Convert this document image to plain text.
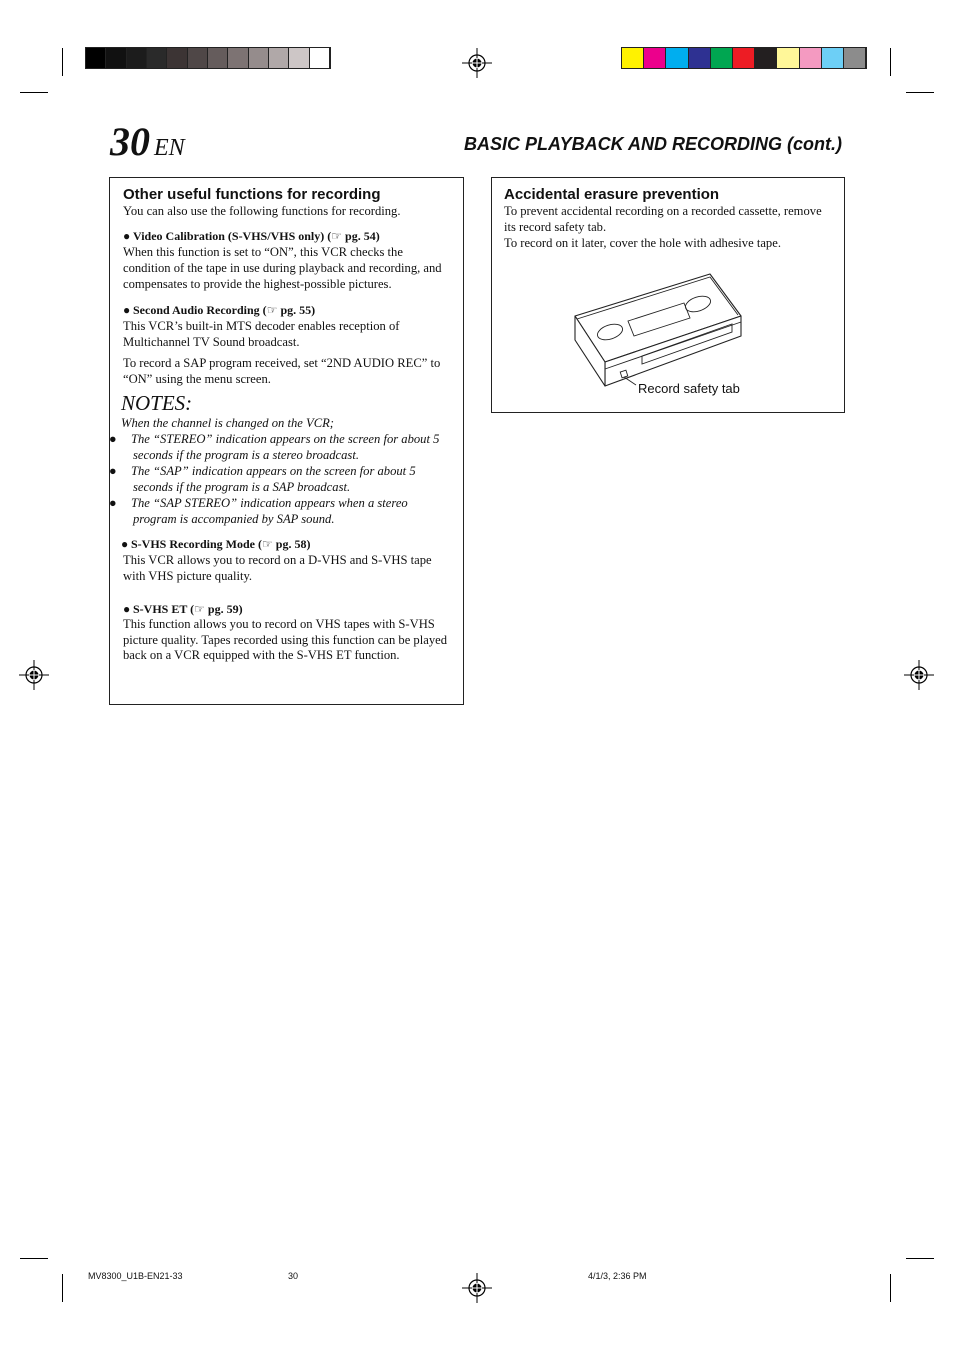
30 EN	BASIC PLAYBACK AND RECORDING (cont.)
Other useful functions for recording

You can also use the following functions for recording.

● Video Calibration (S-VHS/VHS only) (☞ pg. 54)

When this function is set to “ON”, this VCR checks the condition of the tape in use during playback and recording, and compensates to provide the highest-possible pictures.

● Second Audio Recording (☞ pg. 55)

This VCR’s built-in MTS decoder enables reception of Multichannel TV Sound broadcast.

To record a SAP program received, set “2ND AUDIO REC” to “ON” using the menu screen.

NOTES:

When the channel is changed on the VCR;

● The “STEREO” indication appears on the screen for about 5 seconds if the program is a stereo broadcast.

● The “SAP” indication appears on the screen for about 5 seconds if the program is a SAP broadcast.

● The “SAP STEREO” indication appears when a stereo program is accompanied by SAP sound.

● S-VHS Recording Mode (☞ pg. 58)

This VCR allows you to record on a D-VHS and S-VHS tape with VHS picture quality.

● S-VHS ET (☞ pg. 59)

This function allows you to record on VHS tapes with S-VHS picture quality. Tapes recorded using this function can be played back on a VCR equipped with the S-VHS ET function.

Accidental erasure prevention

To prevent accidental recording on a recorded cassette, remove its record safety tab.

To record on it later, cover the hole with adhesive tape.

Record safety tab
MV8300_U1B-EN21-33	30	4/1/3, 2:36 PM
